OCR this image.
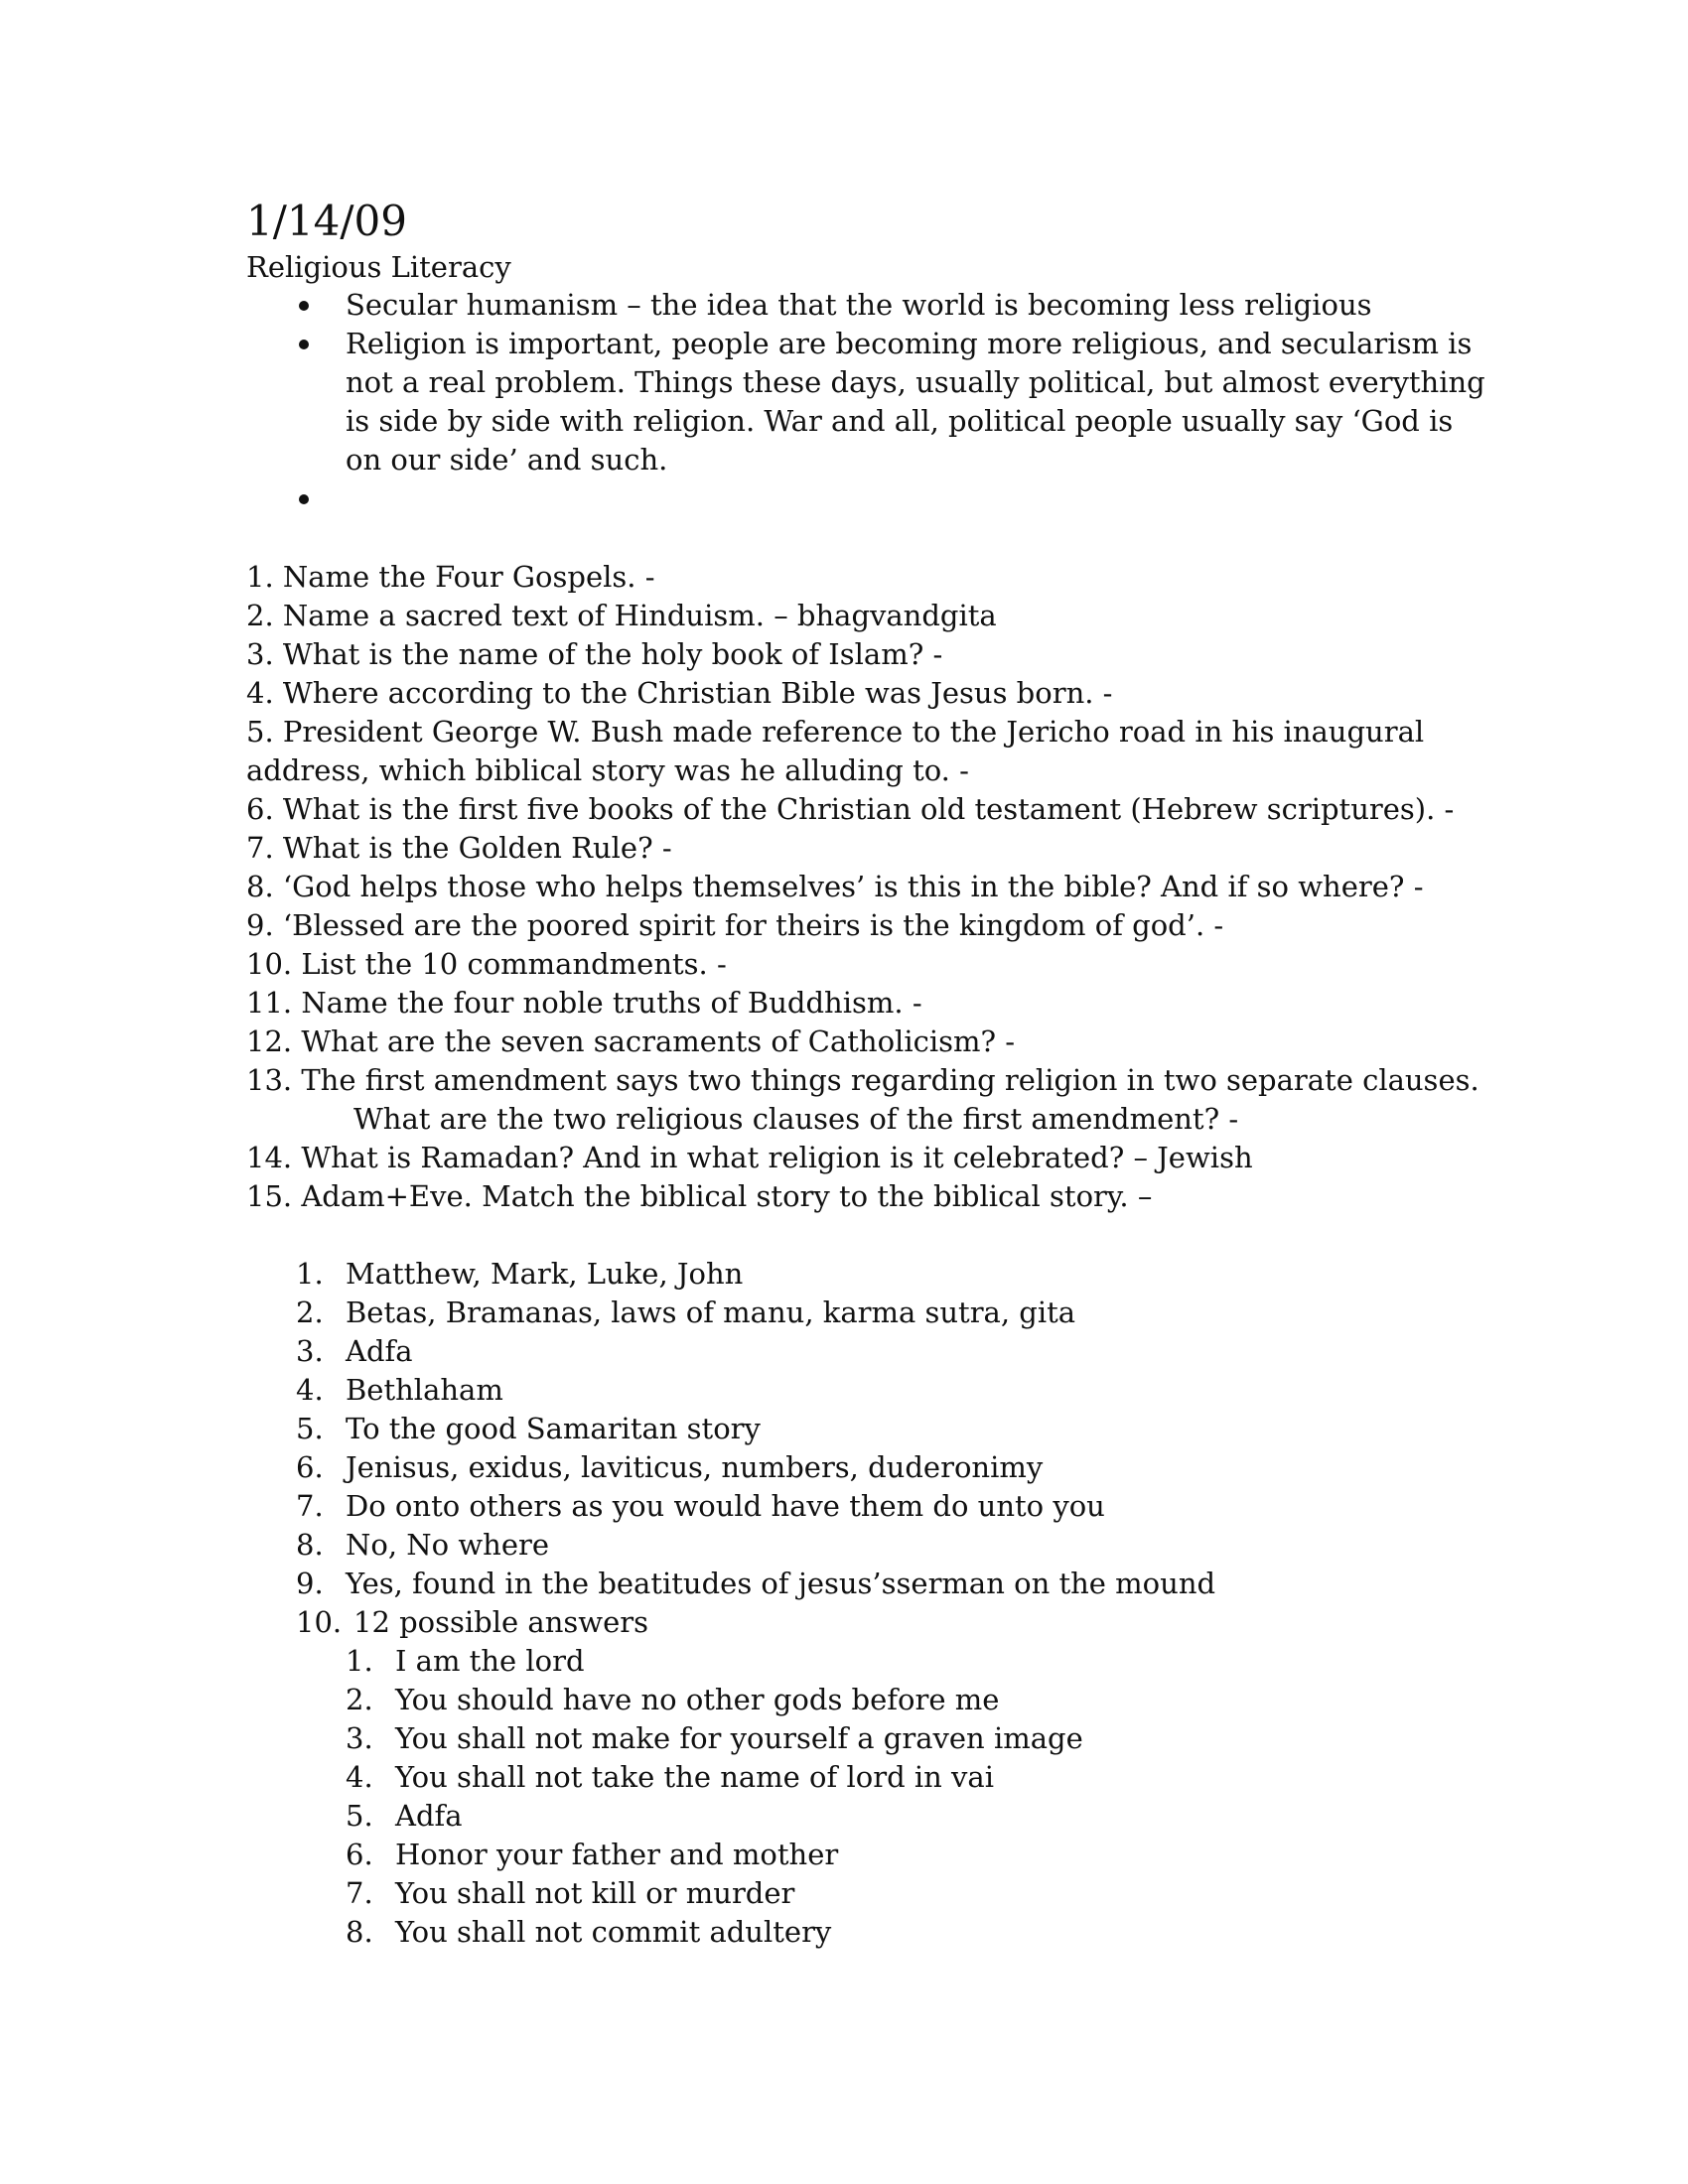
1/14/09

Religious Literacy

Secular humanism – the idea that the world is becoming less religious
Religion is important, people are becoming more religious, and secularism is not a real problem. Things these days, usually political, but almost everything is side by side with religion. War and all, political people usually say ‘God is on our side’ and such.

1. Name the Four Gospels. -

2. Name a sacred text of Hinduism. – bhagvandgita

3. What is the name of the holy book of Islam? -

4. Where according to the Christian Bible was Jesus born. -

5. President George W. Bush made reference to the Jericho road in his inaugural address, which biblical story was he alluding to. -

6. What is the first five books of the Christian old testament (Hebrew scriptures). -

7. What is the Golden Rule? -

8. ‘God helps those who helps themselves’ is this in the bible? And if so where? -

9. ‘Blessed are the poored spirit for theirs is the kingdom of god’. -

10. List the 10 commandments. -

11. Name the four noble truths of Buddhism. -

12. What are the seven sacraments of Catholicism? -

13. The first amendment says two things regarding religion in two separate clauses.
What are the two religious clauses of the first amendment? -

14. What is Ramadan? And in what religion is it celebrated? – Jewish

15. Adam+Eve. Match the biblical story to the biblical story. –

1. Matthew, Mark, Luke, John
2. Betas, Bramanas, laws of manu, karma sutra, gita
3. Adfa
4. Bethlaham
5. To the good Samaritan story
6. Jenisus, exidus, laviticus, numbers, duderonimy
7. Do onto others as you would have them do unto you
8. No, No where
9. Yes, found in the beatitudes of jesus’sserman on the mound
10. 12 possible answers
1. I am the lord
2. You should have no other gods before me
3. You shall not make for yourself a graven image
4. You shall not take the name of lord in vai
5. Adfa
6. Honor your father and mother
7. You shall not kill or murder
8. You shall not commit adultery
